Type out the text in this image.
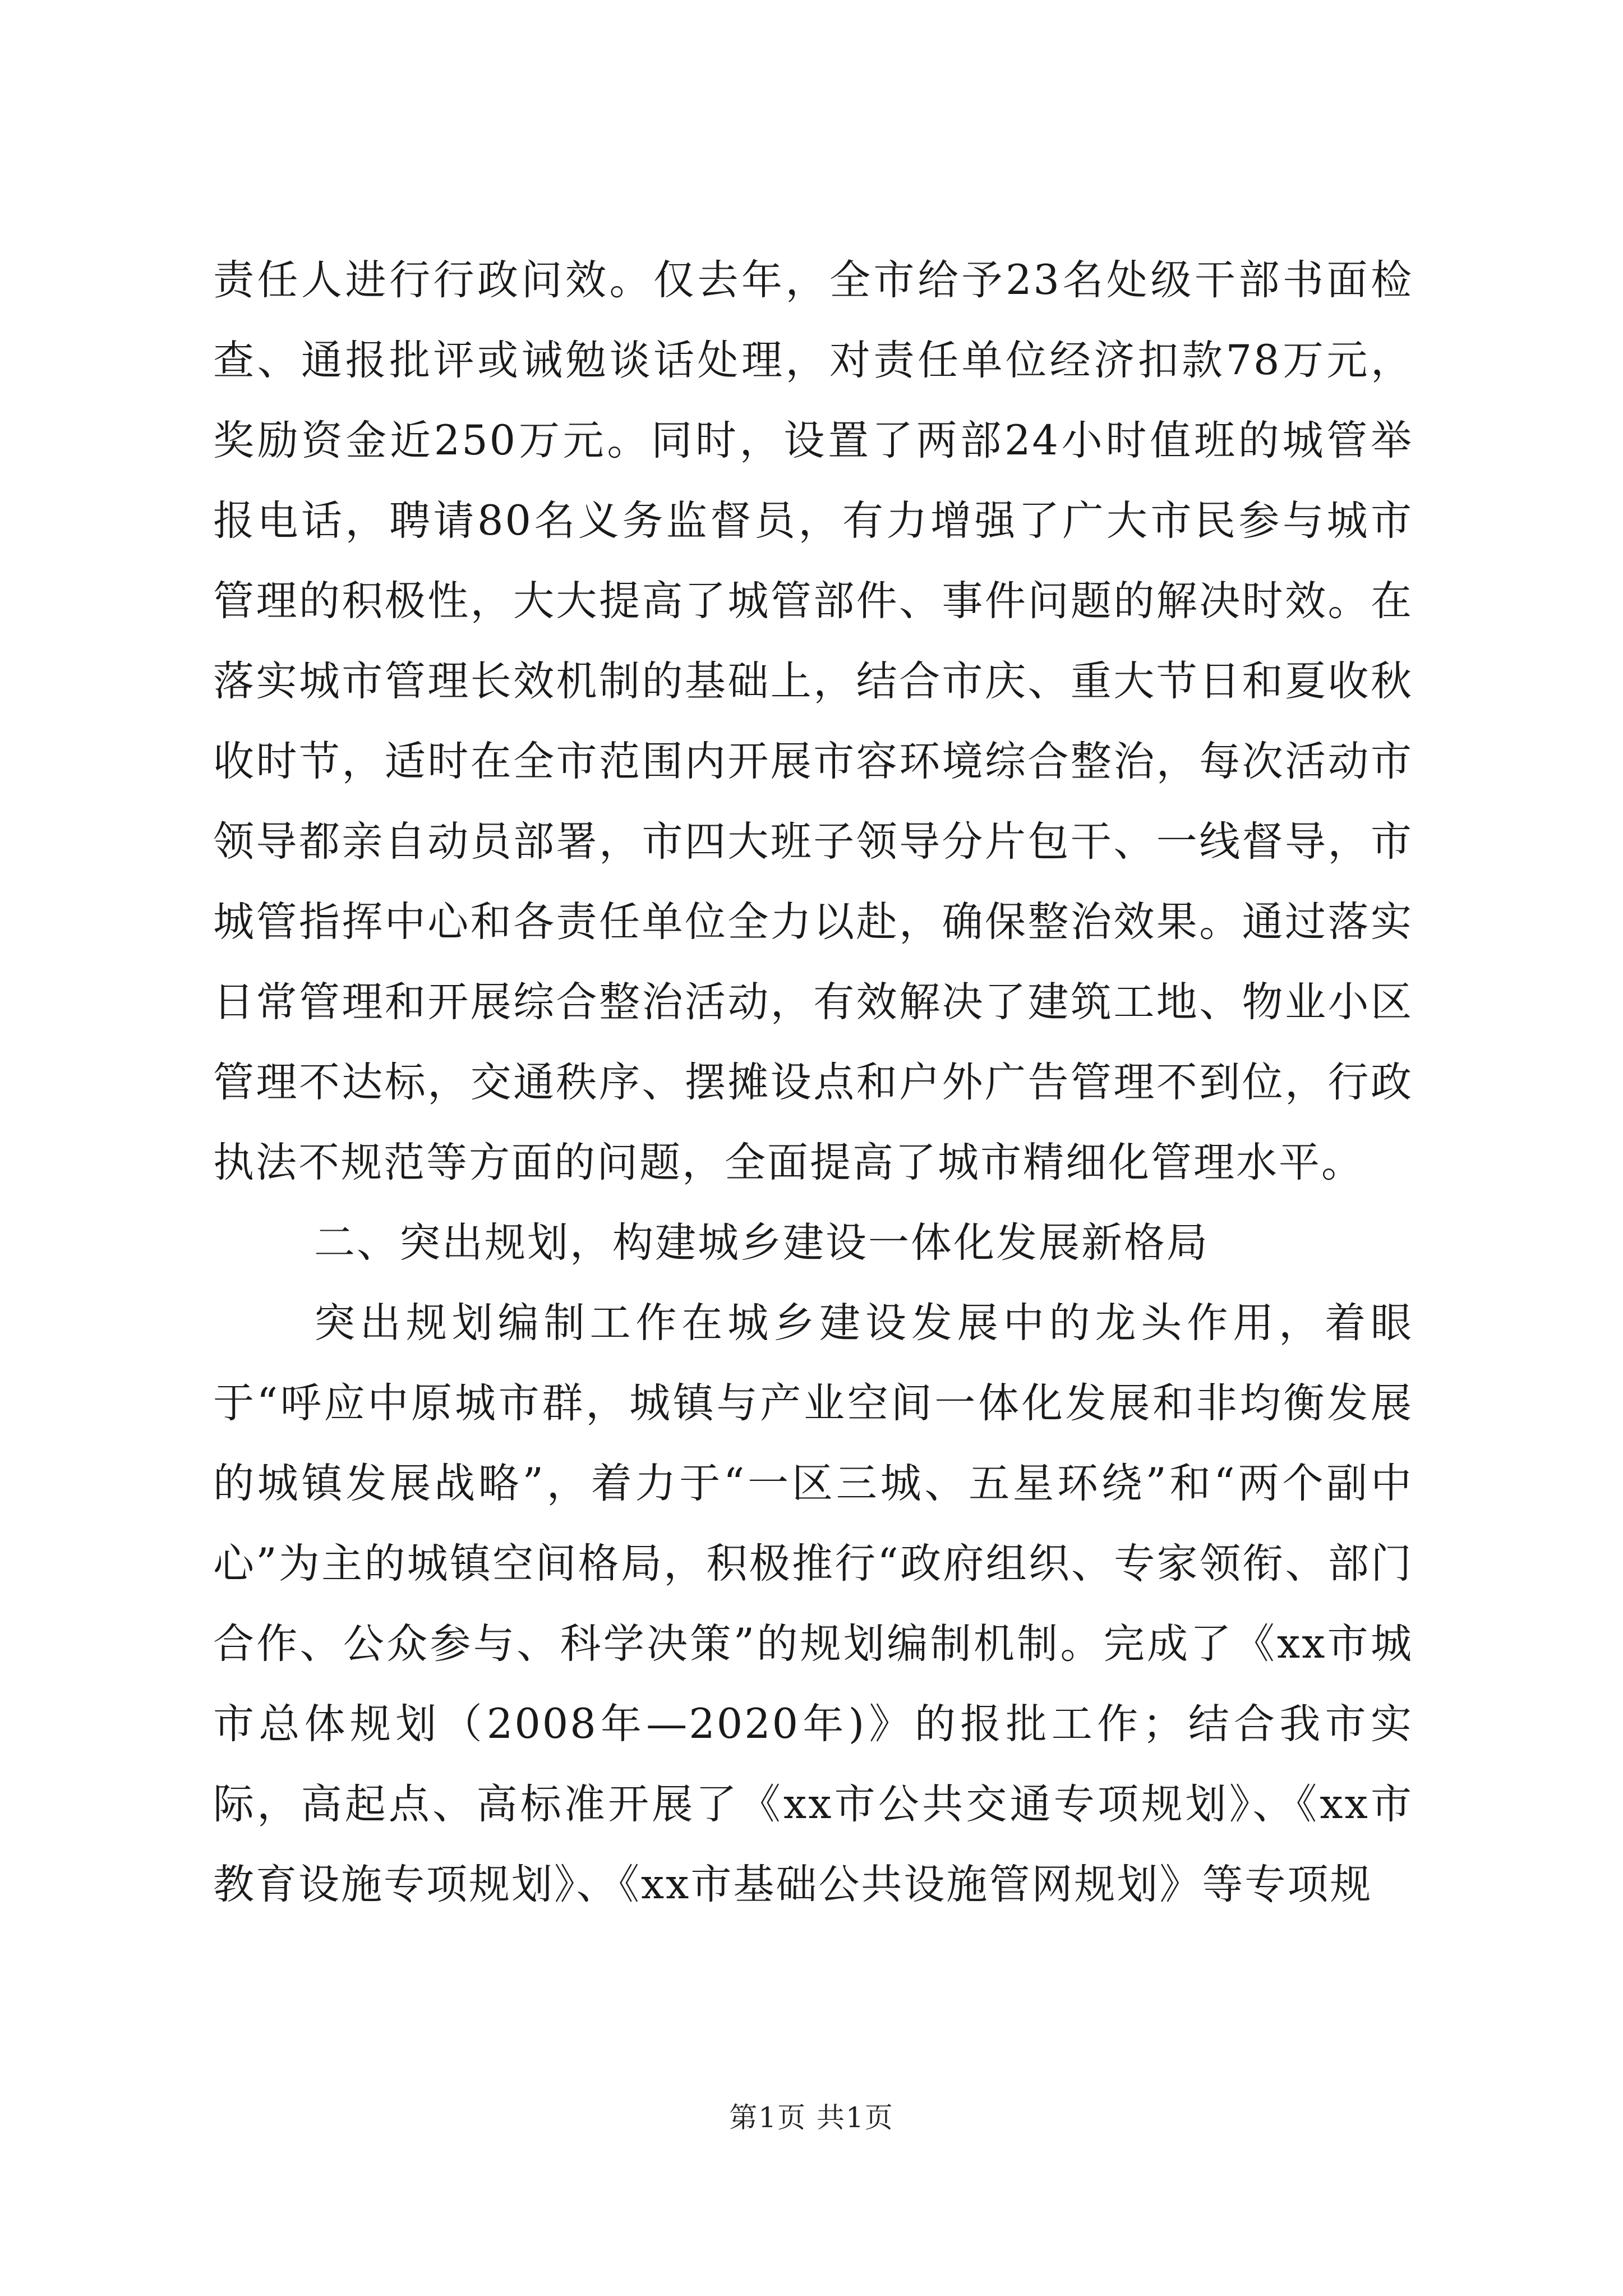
责任人进行行政问效。仅去年，全市给予23名处级干部书面检查、通报批评或诫勉谈话处理，对责任单位经济扣款78万元，奖励资金近250万元。同时，设置了两部24小时值班的城管举报电话，聘请80名义务监督员，有力增强了广大市民参与城市管理的积极性，大大提高了城管部件、事件问题的解决时效。在落实城市管理长效机制的基础上，结合市庆、重大节日和夏收秋收时节，适时在全市范围内开展市容环境综合整治，每次活动市领导都亲自动员部署，市四大班子领导分片包干、一线督导，市城管指挥中心和各责任单位全力以赴，确保整治效果。通过落实日常管理和开展综合整治活动，有效解决了建筑工地、物业小区管理不达标，交通秩序、摆摊设点和户外广告管理不到位，行政执法不规范等方面的问题，全面提高了城市精细化管理水平。

二、突出规划，构建城乡建设一体化发展新格局

突出规划编制工作在城乡建设发展中的龙头作用，着眼于“呼应中原城市群，城镇与产业空间一体化发展和非均衡发展的城镇发展战略”，着力于“一区三城、五星环绕”和“两个副中心”为主的城镇空间格局，积极推行“政府组织、专家领衔、部门合作、公众参与、科学决策”的规划编制机制。完成了《xx市城市总体规划（2008年—2020年)》的报批工作；结合我市实际，高起点、高标准开展了《xx市公共交通专项规划》、《xx市教育设施专项规划》、《xx市基础公共设施管网规划》等专项规

第1页 共1页
